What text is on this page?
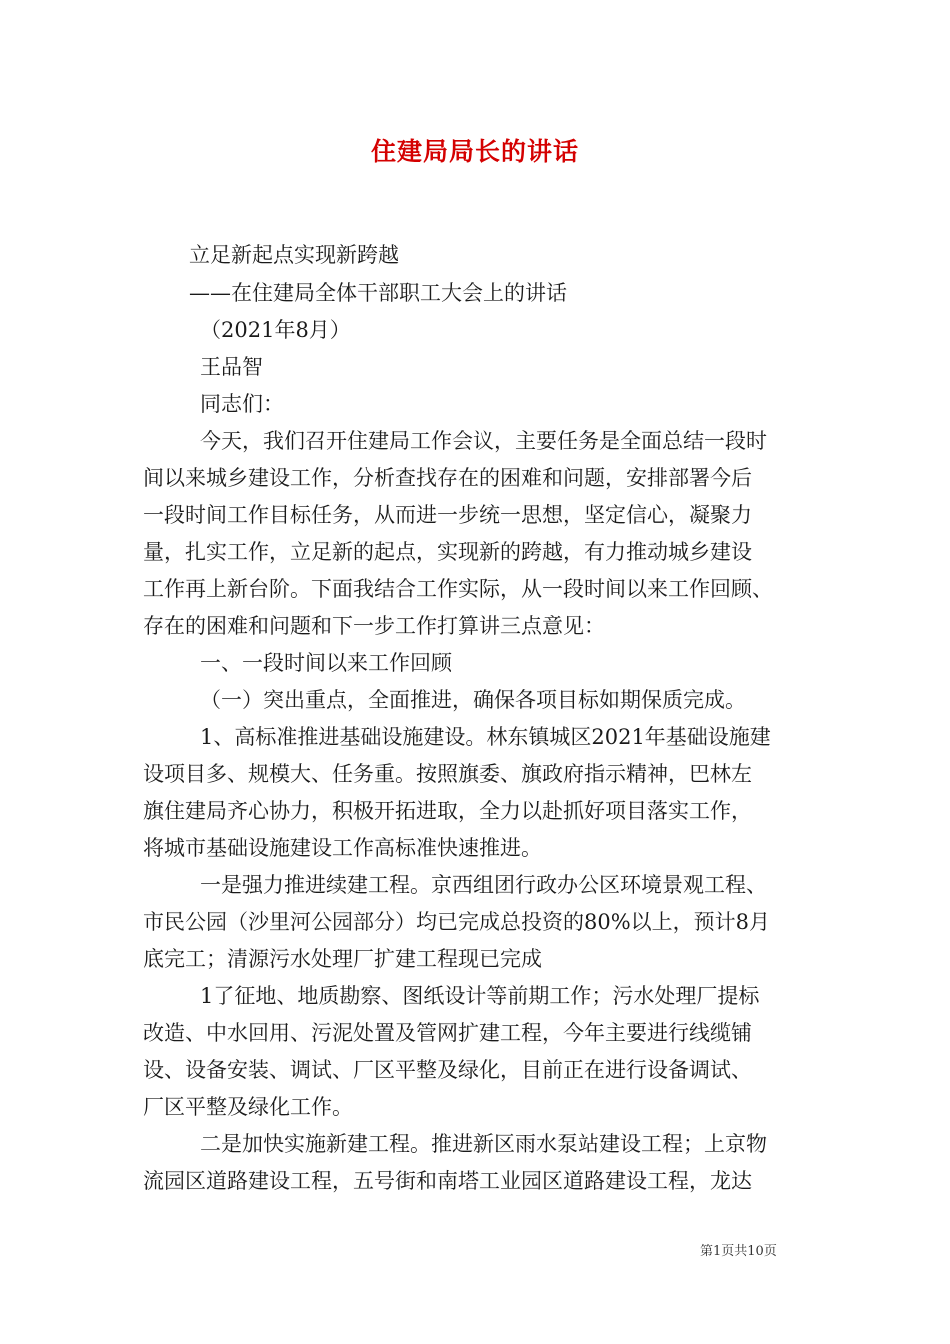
住建局局长的讲话
立足新起点实现新跨越
——在住建局全体干部职工大会上的讲话
（2021年8月）
王品智
同志们：
今天，我们召开住建局工作会议，主要任务是全面总结一段时
间以来城乡建设工作，分析查找存在的困难和问题，安排部署今后
一段时间工作目标任务，从而进一步统一思想，坚定信心，凝聚力
量，扎实工作，立足新的起点，实现新的跨越，有力推动城乡建设
工作再上新台阶。下面我结合工作实际，从一段时间以来工作回顾、
存在的困难和问题和下一步工作打算讲三点意见：
一、一段时间以来工作回顾
（一）突出重点，全面推进，确保各项目标如期保质完成。
1、高标准推进基础设施建设。林东镇城区2021年基础设施建
设项目多、规模大、任务重。按照旗委、旗政府指示精神，巴林左
旗住建局齐心协力，积极开拓进取，全力以赴抓好项目落实工作，
将城市基础设施建设工作高标准快速推进。
一是强力推进续建工程。京西组团行政办公区环境景观工程、
市民公园（沙里河公园部分）均已完成总投资的80%以上，预计8月
底完工；清源污水处理厂扩建工程现已完成
1了征地、地质勘察、图纸设计等前期工作；污水处理厂提标
改造、中水回用、污泥处置及管网扩建工程，今年主要进行线缆铺
设、设备安装、调试、厂区平整及绿化，目前正在进行设备调试、
厂区平整及绿化工作。
二是加快实施新建工程。推进新区雨水泵站建设工程；上京物
流园区道路建设工程，五号街和南塔工业园区道路建设工程，龙达
第1页共10页
